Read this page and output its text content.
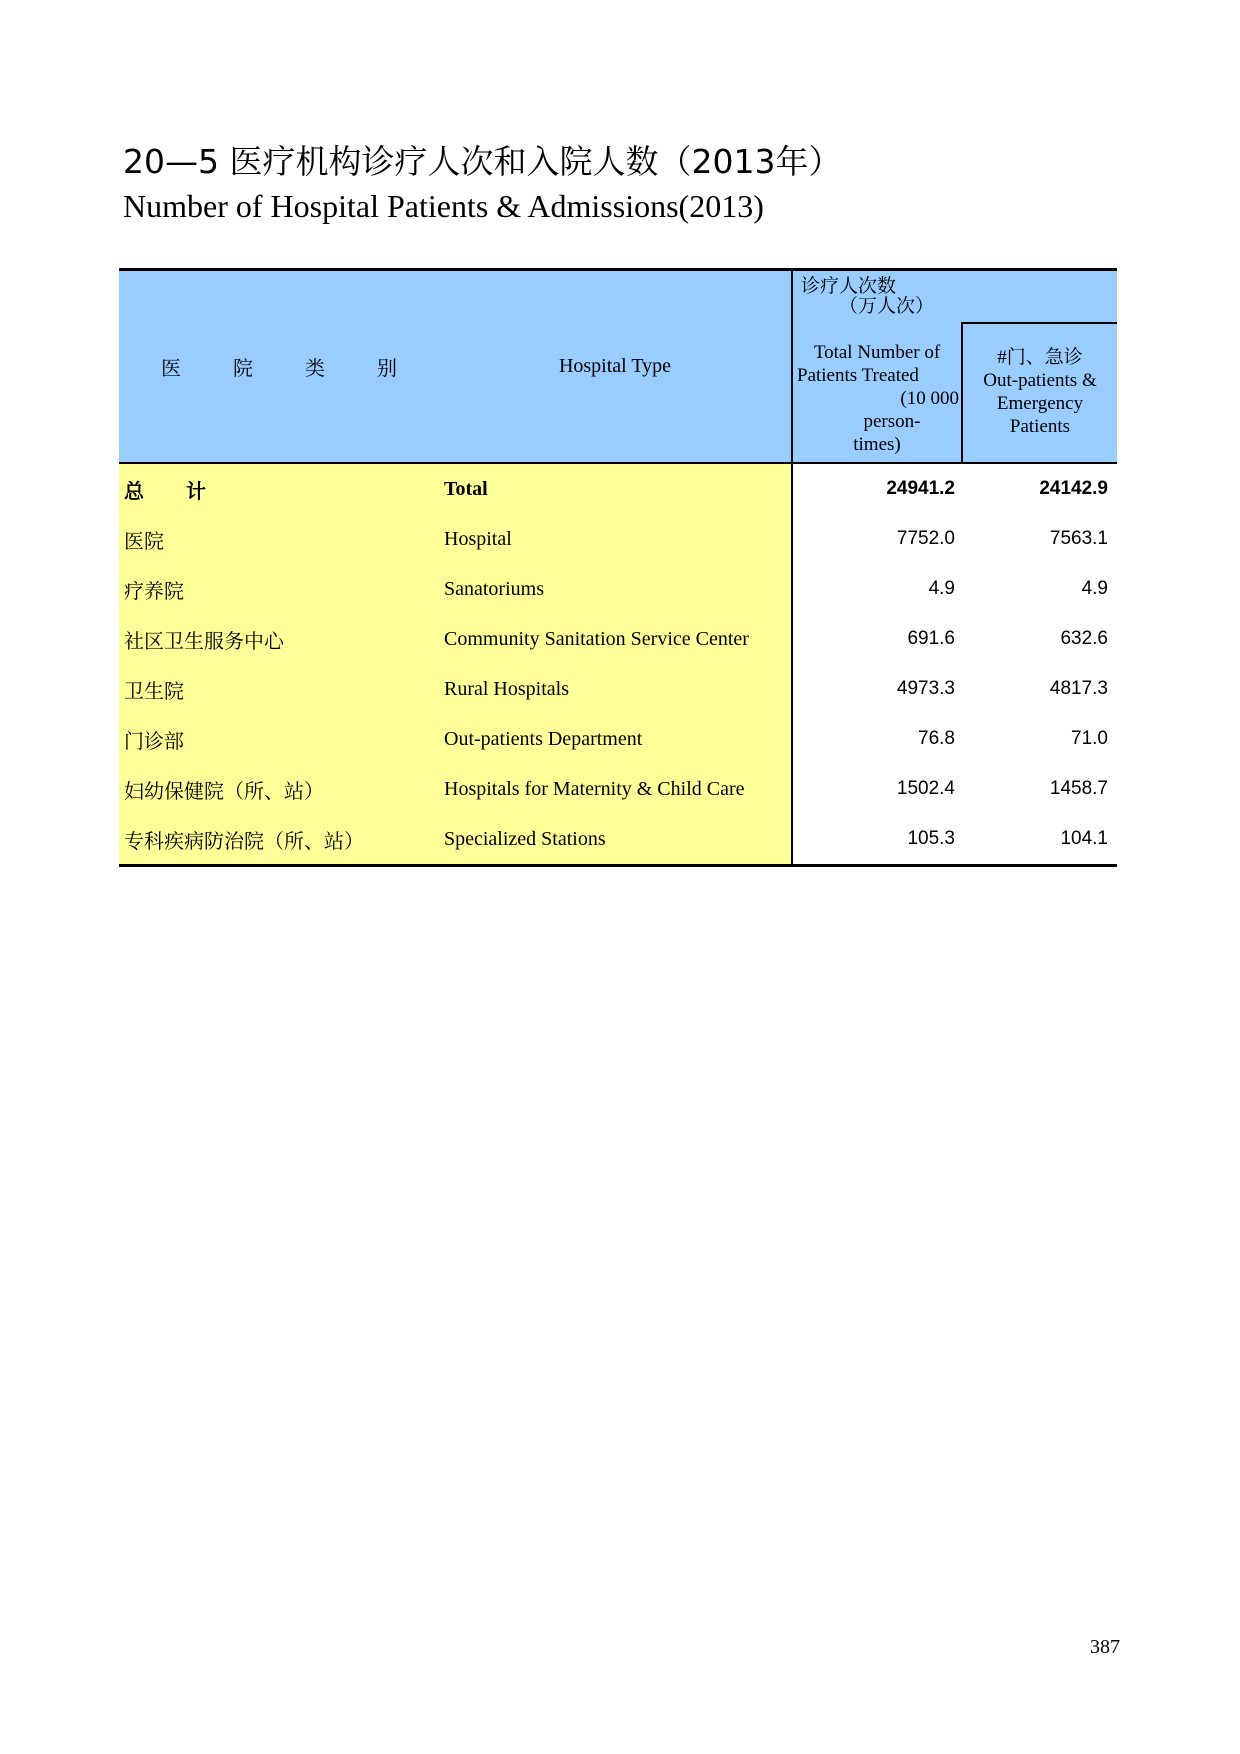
20—5 医疗机构诊疗人次和入院人数（2013年）
Number of Hospital Patients & Admissions(2013)
医	院	类	别	Hospital Type
诊疗人次数
（万人次）
Total Number of
Patients Treated
(10 000
person-
times)
#门、急诊
Out-patients &
Emergency
Patients
总 计	Total	24941.2	24142.9
医院	Hospital	7752.0	7563.1
疗养院	Sanatoriums	4.9	4.9
社区卫生服务中心	Community Sanitation Service Center	691.6	632.6
卫生院	Rural Hospitals	4973.3	4817.3
门诊部	Out-patients Department	76.8	71.0
妇幼保健院（所、站）	Hospitals for Maternity & Child Care	1502.4	1458.7
专科疾病防治院（所、站）	Specialized Stations	105.3	104.1
387
